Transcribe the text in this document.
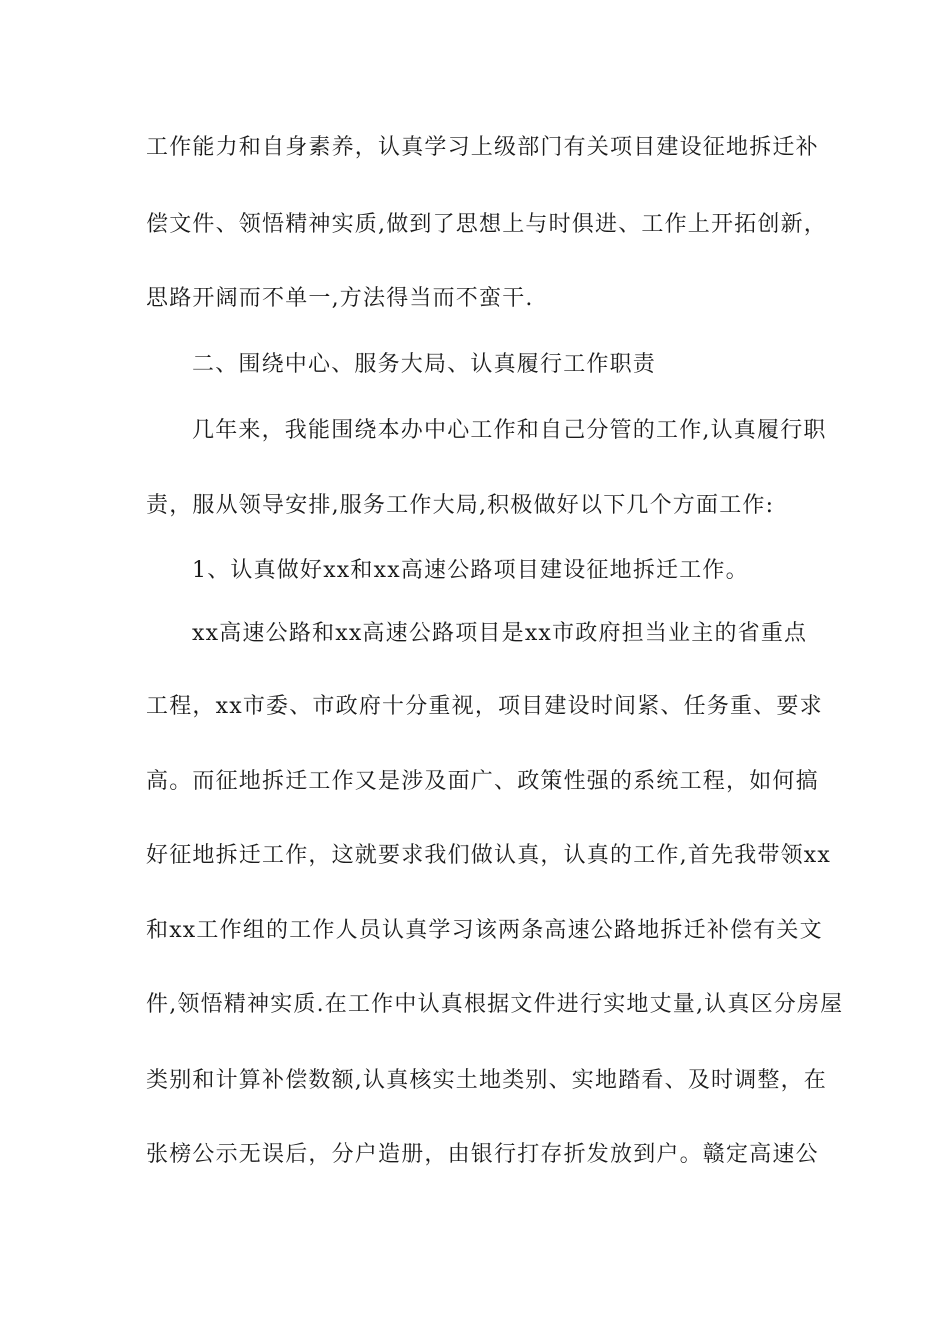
工作能力和自身素养，认真学习上级部门有关项目建设征地拆迁补
偿文件、领悟精神实质,做到了思想上与时俱进、工作上开拓创新，
思路开阔而不单一,方法得当而不蛮干.
二、围绕中心、服务大局、认真履行工作职责
几年来，我能围绕本办中心工作和自己分管的工作,认真履行职
责，服从领导安排,服务工作大局,积极做好以下几个方面工作:
1、认真做好xx和xx高速公路项目建设征地拆迁工作。
xx高速公路和xx高速公路项目是xx市政府担当业主的省重点
工程，xx市委、市政府十分重视，项目建设时间紧、任务重、要求
高。而征地拆迁工作又是涉及面广、政策性强的系统工程，如何搞
好征地拆迁工作，这就要求我们做认真，认真的工作,首先我带领xx
和xx工作组的工作人员认真学习该两条高速公路地拆迁补偿有关文
件,领悟精神实质.在工作中认真根据文件进行实地丈量,认真区分房屋
类别和计算补偿数额,认真核实土地类别、实地踏看、及时调整，在
张榜公示无误后，分户造册，由银行打存折发放到户。赣定高速公
